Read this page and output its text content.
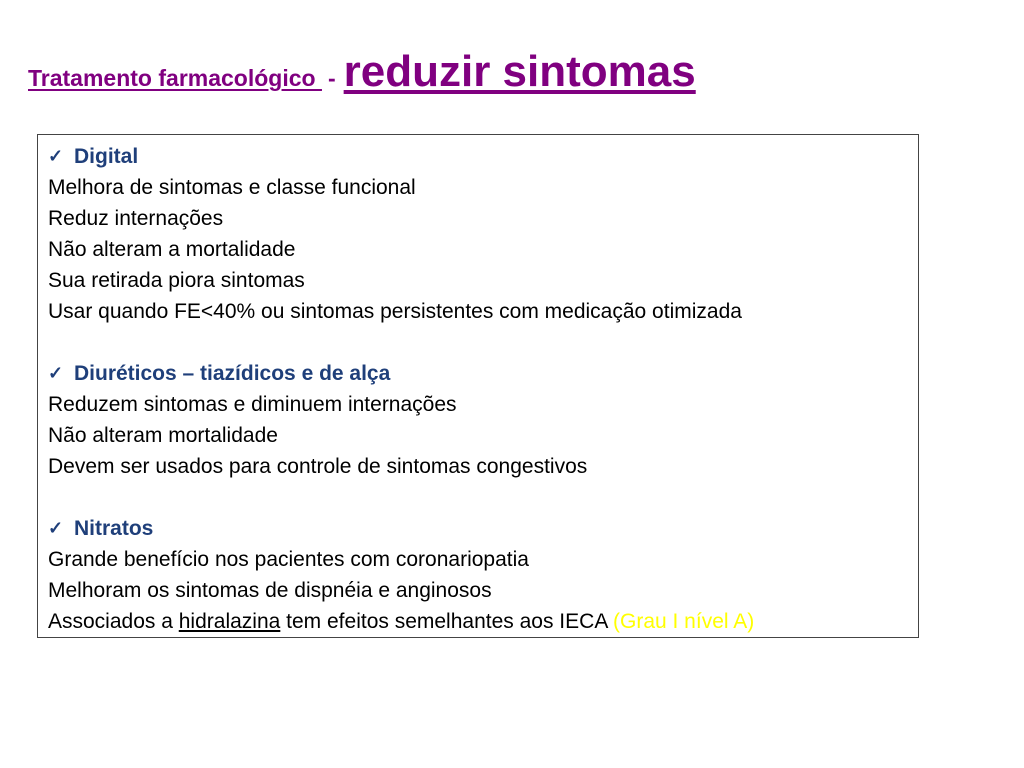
Tratamento farmacológico - reduzir sintomas
✓ Digital
Melhora de sintomas e classe funcional
Reduz internações
Não alteram a mortalidade
Sua retirada piora sintomas
Usar quando FE<40% ou sintomas persistentes com medicação otimizada
✓ Diuréticos – tiazídicos e de alça
Reduzem sintomas e diminuem internações
Não alteram mortalidade
Devem ser usados para controle de sintomas congestivos
✓ Nitratos
Grande benefício nos pacientes com coronariopatia
Melhoram os sintomas de dispnéia e anginosos
Associados a hidralazina tem efeitos semelhantes aos IECA (Grau I nível A)
